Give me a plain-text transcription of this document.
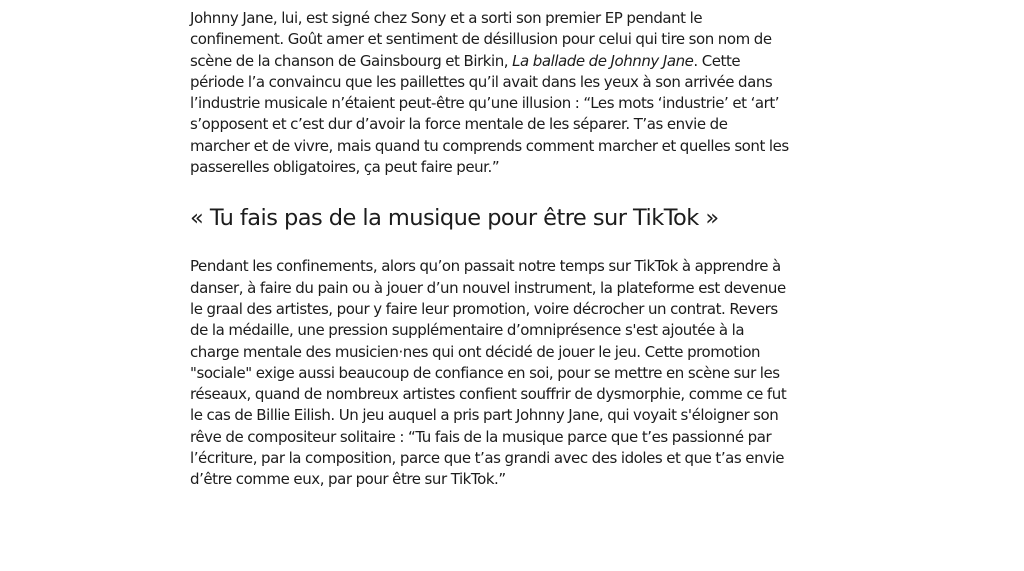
Johnny Jane, lui, est signé chez Sony et a sorti son premier EP pendant le confinement. Goût amer et sentiment de désillusion pour celui qui tire son nom de scène de la chanson de Gainsbourg et Birkin, La ballade de Johnny Jane. Cette période l’a convaincu que les paillettes qu’il avait dans les yeux à son arrivée dans l’industrie musicale n’étaient peut-être qu’une illusion : “Les mots ‘industrie’ et ‘art’ s’opposent et c’est dur d’avoir la force mentale de les séparer. T’as envie de marcher et de vivre, mais quand tu comprends comment marcher et quelles sont les passerelles obligatoires, ça peut faire peur.”

« Tu fais pas de la musique pour être sur TikTok »

Pendant les confinements, alors qu’on passait notre temps sur TikTok à apprendre à danser, à faire du pain ou à jouer d’un nouvel instrument, la plateforme est devenue le graal des artistes, pour y faire leur promotion, voire décrocher un contrat. Revers de la médaille, une pression supplémentaire d’omniprésence s'est ajoutée à la charge mentale des musicien·nes qui ont décidé de jouer le jeu. Cette promotion "sociale" exige aussi beaucoup de confiance en soi, pour se mettre en scène sur les réseaux, quand de nombreux artistes confient souffrir de dysmorphie, comme ce fut le cas de Billie Eilish. Un jeu auquel a pris part Johnny Jane, qui voyait s'éloigner son rêve de compositeur solitaire : “Tu fais de la musique parce que t’es passionné par l’écriture, par la composition, parce que t’as grandi avec des idoles et que t’as envie d’être comme eux, par pour être sur TikTok.”
